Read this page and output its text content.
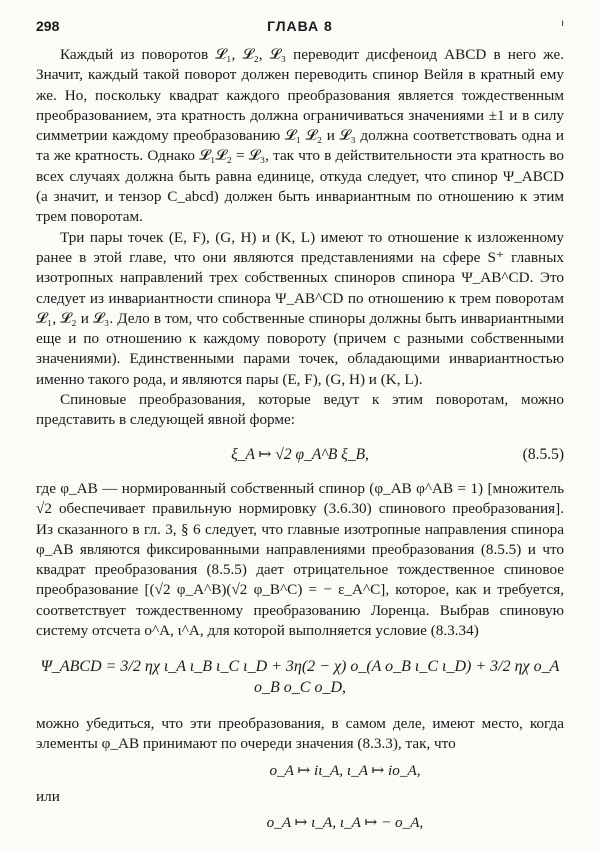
298	ГЛАВА 8	ı

Каждый из поворотов 𝓛₁, 𝓛₂, 𝓛₃ переводит дисфеноид ABCD в него же. Значит, каждый такой поворот должен переводить спинор Вейля в кратный ему же. Но, поскольку квадрат каждого преобразования является тождественным преобразованием, эта кратность должна ограничиваться значениями ±1 и в силу симметрии каждому преобразованию 𝓛₁ 𝓛₂ и 𝓛₃ должна соответствовать одна и та же кратность. Однако 𝓛₁𝓛₂ = 𝓛₃, так что в действительности эта кратность во всех случаях должна быть равна единице, откуда следует, что спинор Ψ_ABCD (а значит, и тензор C_abcd) должен быть инвариантным по отношению к этим трем поворотам.

Три пары точек (E, F), (G, H) и (K, L) имеют то отношение к изложенному ранее в этой главе, что они являются представлениями на сфере S⁺ главных изотропных направлений трех собственных спиноров спинора Ψ_AB^CD. Это следует из инвариантности спинора Ψ_AB^CD по отношению к трем поворотам 𝓛₁, 𝓛₂ и 𝓛₃. Дело в том, что собственные спиноры должны быть инвариантными еще и по отношению к каждому повороту (причем с разными собственными значениями). Единственными парами точек, обладающими инвариантностью именно такого рода, и являются пары (E, F), (G, H) и (K, L).

Спиновые преобразования, которые ведут к этим поворотам, можно представить в следующей явной форме:

ξ_A ↦ √2 φ_A^B ξ_B,	(8.5.5)

где φ_AB — нормированный собственный спинор (φ_AB φ^AB = 1) [множитель √2 обеспечивает правильную нормировку (3.6.30) спинового преобразования]. Из сказанного в гл. 3, § 6 следует, что главные изотропные направления спинора φ_AB являются фиксированными направлениями преобразования (8.5.5) и что квадрат преобразования (8.5.5) дает отрицательное тождественное спиновое преобразование [(√2 φ_A^B)(√2 φ_B^C) = − ε_A^C], которое, как и требуется, соответствует тождественному преобразованию Лоренца. Выбрав спиновую систему отсчета o^A, ι^A, для которой выполняется условие (8.3.34)

Ψ_ABCD = 3/2 ηχ ι_A ι_B ι_C ι_D + 3η(2 − χ) o_(A o_B ι_C ι_D) + 3/2 ηχ o_A o_B o_C o_D,

можно убедиться, что эти преобразования, в самом деле, имеют место, когда элементы φ_AB принимают по очереди значения (8.3.3), так, что

o_A ↦ iι_A, ι_A ↦ io_A,
или
o_A ↦ ι_A, ι_A ↦ − o_A,
